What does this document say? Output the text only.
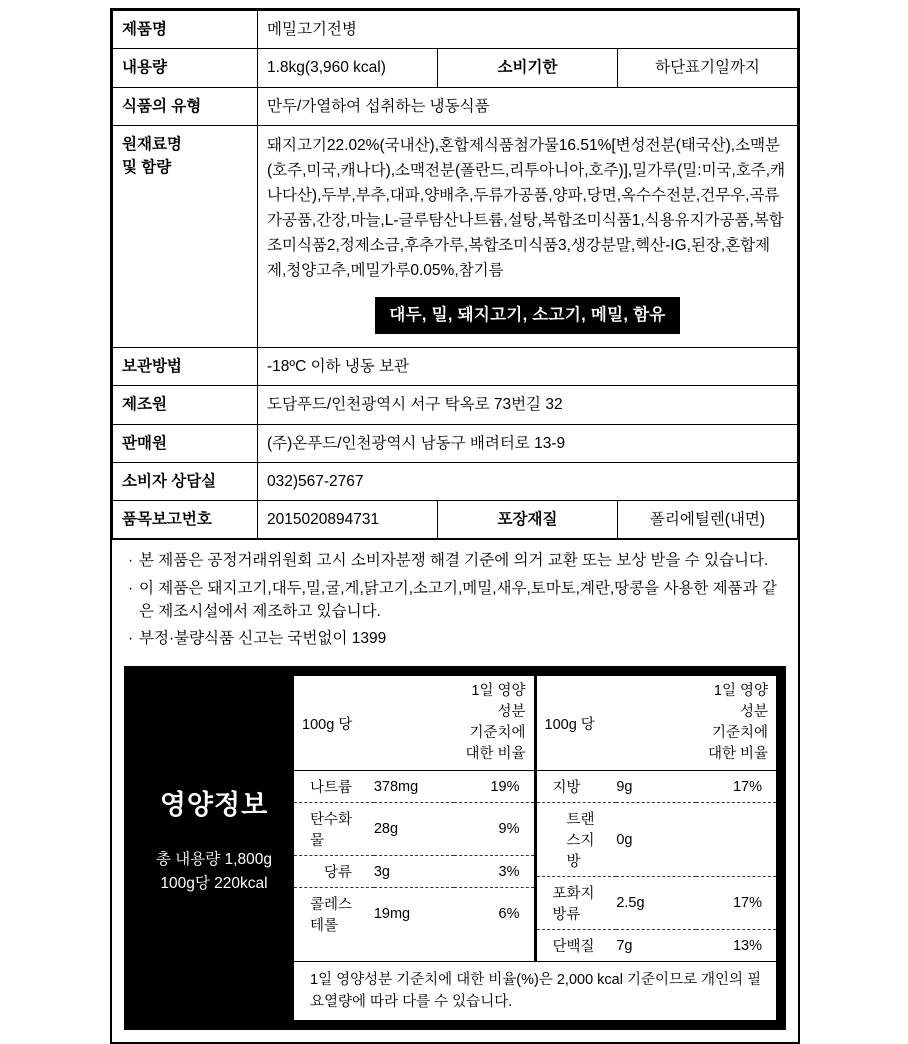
제품명	메밀고기전병		
내용량	1.8kg(3,960 kcal)	소비기한	하단표기일까지
식품의 유형	만두/가열하여 섭취하는 냉동식품		

원재료명
및 함량

돼지고기22.02%(국내산),혼합제식품첨가물16.51%[변성전분(태국산),소맥분(호주,미국,캐나다),소맥전분(폴란드,리투아니아,호주)],밀가루(밀:미국,호주,캐나다산),두부,부추,대파,양배추,두류가공품,양파,당면,옥수수전분,건무우,곡류가공품,간장,마늘,L-글루탐산나트륨,설탕,복합조미식품1,식용유지가공품,복합조미식품2,정제소금,후추가루,복합조미식품3,생강분말,헥산-IG,된장,혼합제제,청양고추,메밀가루0.05%,참기름
대두, 밀, 돼지고기, 소고기, 메밀, 함유

보관방법	-18ºC 이하 냉동 보관		
제조원	도담푸드/인천광역시 서구 탁옥로 73번길 32		
판매원	(주)온푸드/인천광역시 남동구 배려터로 13-9		
소비자 상담실	032)567-2767		
품목보고번호	2015020894731	포장재질	폴리에틸렌(내면)
· 본 제품은 공정거래위원회 고시 소비자분쟁 해결 기준에 의거 교환 또는 보상 받을 수 있습니다.
· 이 제품은 돼지고기,대두,밀,굴,게,닭고기,소고기,메밀,새우,토마토,계란,땅콩을 사용한 제품과 같은 제조시설에서 제조하고 있습니다.
· 부정·불량식품 신고는 국번없이 1399
영양정보
총 내용량 1,800g
100g당 220kcal
100g 당		1일 영양성분
기준치에 대한 비율

나트륨	378mg	19%
탄수화물	28g	9%
당류	3g	3%
콜레스테롤	19mg	6%
100g 당		1일 영양성분
기준치에 대한 비율

지방	9g	17%
트랜스지방	0g	
포화지방류	2.5g	17%
단백질	7g	13%
1일 영양성분 기준치에 대한 비율(%)은 2,000 kcal 기준이므로 개인의 필요열량에 따라 다를 수 있습니다.
